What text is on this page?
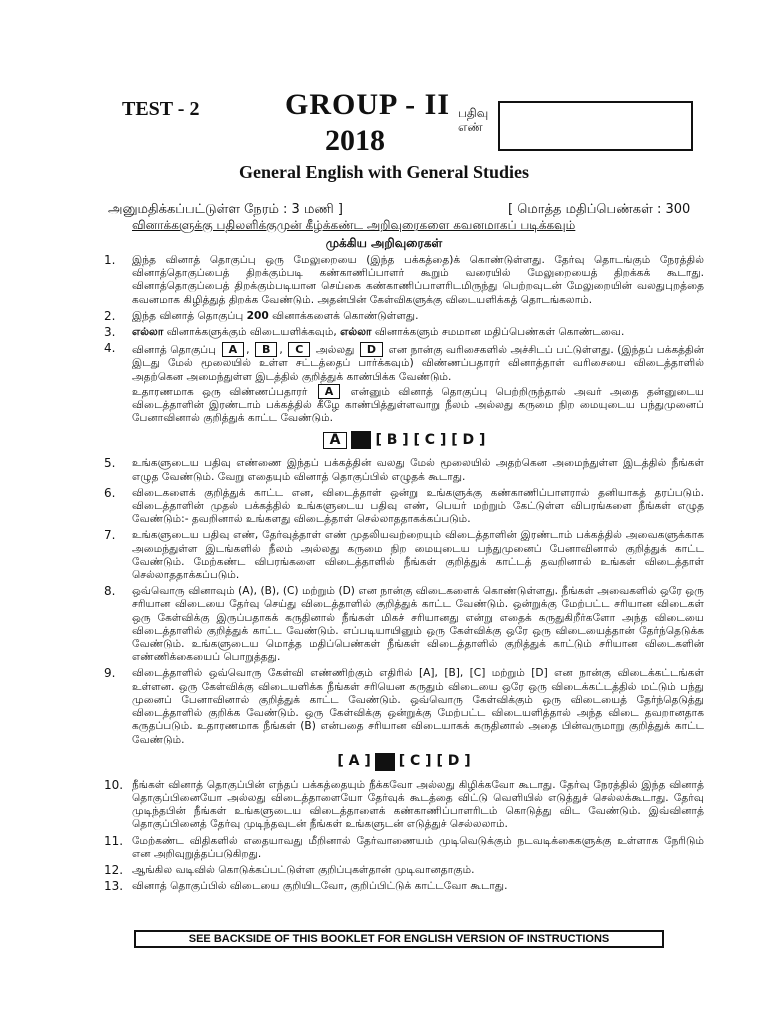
TEST - 2	GROUP - II
2018
பதிவு
எண்
General English with General Studies
அனுமதிக்கப்பட்டுள்ள நேரம் : 3 மணி ]	[ மொத்த மதிப்பெண்கள் : 300
வினாக்களுக்கு பதிலளிக்குமுன் கீழ்க்கண்ட அறிவுரைகளை கவனமாகப் படிக்கவும்
முக்கிய அறிவுரைகள்
1.	இந்த வினாத் தொகுப்பு ஒரு மேலுறையை (இந்த பக்கத்தை)க் கொண்டுள்ளது. தேர்வு தொடங்கும் நேரத்தில் வினாத்தொகுப்பைத் திறக்கும்படி கண்காணிப்பாளர் கூறும் வரையில் மேலுறையைத் திறக்கக் கூடாது. வினாத்தொகுப்பைத் திறக்கும்படியான செய்கை கண்காணிப்பாளரிடமிருந்து பெற்றவுடன் மேலுறையின் வலதுபுறத்தை கவனமாக கிழித்துத் திறக்க வேண்டும். அதன்பின் கேள்விகளுக்கு விடையளிக்கத் தொடங்கலாம்.
2.	இந்த வினாத் தொகுப்பு 200 வினாக்களைக் கொண்டுள்ளது.
3.	எல்லா வினாக்களுக்கும் விடையளிக்கவும், எல்லா வினாக்களும் சமமான மதிப்பெண்கள் கொண்டவை.
4.	வினாத் தொகுப்பு A , B , C அல்லது D என நான்கு வரிசைகளில் அச்சிடப் பட்டுள்ளது. (இந்தப் பக்கத்தின் இடது மேல் மூலையில் உள்ள சட்டத்தைப் பார்க்கவும்) விண்ணப்பதாரர் வினாத்தாள் வரிசையை விடைத்தாளில் அதற்கென அமைந்துள்ள இடத்தில் குறித்துக் காண்பிக்க வேண்டும்.
உதாரணமாக ஒரு விண்ணப்பதாரர் A என்னும் வினாத் தொகுப்பு பெற்றிருந்தால் அவர் அதை தன்னுடைய விடைத்தாளின் இரண்டாம் பக்கத்தில் கீழே காண்பித்துள்ளவாறு நீலம் அல்லது கருமை நிற மையுடைய பந்துமுனைப் பேனாவினால் குறித்துக் காட்ட வேண்டும்.
A	[ B ] [ C ] [ D ]
5.	உங்களுடைய பதிவு எண்ணை இந்தப் பக்கத்தின் வலது மேல் மூலையில் அதற்கென அமைந்துள்ள இடத்தில் நீங்கள் எழுத வேண்டும். வேறு எதையும் வினாத் தொகுப்பில் எழுதக் கூடாது.
6.	விடைகளைக் குறித்துக் காட்ட என, விடைத்தாள் ஒன்று உங்களுக்கு கண்காணிப்பாளரால் தனியாகத் தரப்படும். விடைத்தாளின் முதல் பக்கத்தில் உங்களுடைய பதிவு எண், பெயர் மற்றும் கேட்டுள்ள விபரங்களை நீங்கள் எழுத வேண்டும்:- தவறினால் உங்களது விடைத்தாள் செல்லாததாகக்கப்படும்.
7.	உங்களுடைய பதிவு எண், தேர்வுத்தாள் எண் முதலியவற்றையும் விடைத்தாளின் இரண்டாம் பக்கத்தில் அவைகளுக்காக அமைந்துள்ள இடங்களில் நீலம் அல்லது கருமை நிற மையுடைய பந்துமுனைப் பேனாவினால் குறித்துக் காட்ட வேண்டும். மேற்கண்ட விபரங்களை விடைத்தாளில் நீங்கள் குறித்துக் காட்டத் தவறினால் உங்கள் விடைத்தாள் செல்லாததாக்கப்படும்.
8.	ஒவ்வொரு வினாவும் (A), (B), (C) மற்றும் (D) என நான்கு விடைகளைக் கொண்டுள்ளது. நீங்கள் அவைகளில் ஒரே ஒரு சரியான விடையை தேர்வு செய்து விடைத்தாளில் குறித்துக் காட்ட வேண்டும். ஒன்றுக்கு மேற்பட்ட சரியான விடைகள் ஒரு கேள்விக்கு இருப்பதாகக் கருதினால் நீங்கள் மிகச் சரியானது என்று எதைக் கருதுகிறீர்களோ அந்த விடையை விடைத்தாளில் குறித்துக் காட்ட வேண்டும். எப்படியாயினும் ஒரு கேள்விக்கு ஒரே ஒரு விடையைத்தான் தேர்ந்தெடுக்க வேண்டும். உங்களுடைய மொத்த மதிப்பெண்கள் நீங்கள் விடைத்தாளில் குறித்துக் காட்டும் சரியான விடைகளின் எண்ணிக்கையைப் பொறுத்தது.
9.	விடைத்தாளில் ஒவ்வொரு கேள்வி எண்ணிற்கும் எதிரில் [A], [B], [C] மற்றும் [D] என நான்கு விடைக்கட்டங்கள் உள்ளன. ஒரு கேள்விக்கு விடையளிக்க நீங்கள் சரியென கருதும் விடையை ஒரே ஒரு விடைக்கட்டத்தில் மட்டும் பந்து முனைப் பேனாவினால் குறித்துக் காட்ட வேண்டும். ஒவ்வொரு கேள்விக்கும் ஒரு விடையைத் தேர்ந்தெடுத்து விடைத்தாளில் குறிக்க வேண்டும். ஒரு கேள்விக்கு ஒன்றுக்கு மேற்பட்ட விடையளித்தால் அந்த விடை தவறானதாக கருதப்படும். உதாரணமாக நீங்கள் (B) என்பதை சரியான விடையாகக் கருதினால் அதை பின்வருமாறு குறித்துக் காட்ட வேண்டும்.
[ A ] [ C ] [ D ]
10. நீங்கள் வினாத் தொகுப்பின் எந்தப் பக்கத்தையும் நீக்கவோ அல்லது கிழிக்கவோ கூடாது. தேர்வு நேரத்தில் இந்த வினாத் தொகுப்பினையோ அல்லது விடைத்தாளையோ தேர்வுக் கூடத்தை விட்டு வெளியில் எடுத்துச் செல்லக்கூடாது. தேர்வு முடிந்தபின் நீங்கள் உங்களுடைய விடைத்தாளைக் கண்காணிப்பாளரிடம் கொடுத்து விட வேண்டும். இவ்வினாத் தொகுப்பினைத் தேர்வு முடிந்தவுடன் நீங்கள் உங்களுடன் எடுத்துச் செல்லலாம்.
11. மேற்கண்ட விதிகளில் எதையாவது மீறினால் தேர்வாணையம் முடிவெடுக்கும் நடவடிக்கைகளுக்கு உள்ளாக நேரிடும் என அறிவுறுத்தப்படுகிறது.
12. ஆங்கில வடிவில் கொடுக்கப்பட்டுள்ள குறிப்புகள்தான் முடிவானதாகும்.
13. வினாத் தொகுப்பில் விடையை குறியிடவோ, குறிப்பிட்டுக் காட்டவோ கூடாது.
SEE BACKSIDE OF THIS BOOKLET FOR ENGLISH VERSION OF INSTRUCTIONS
